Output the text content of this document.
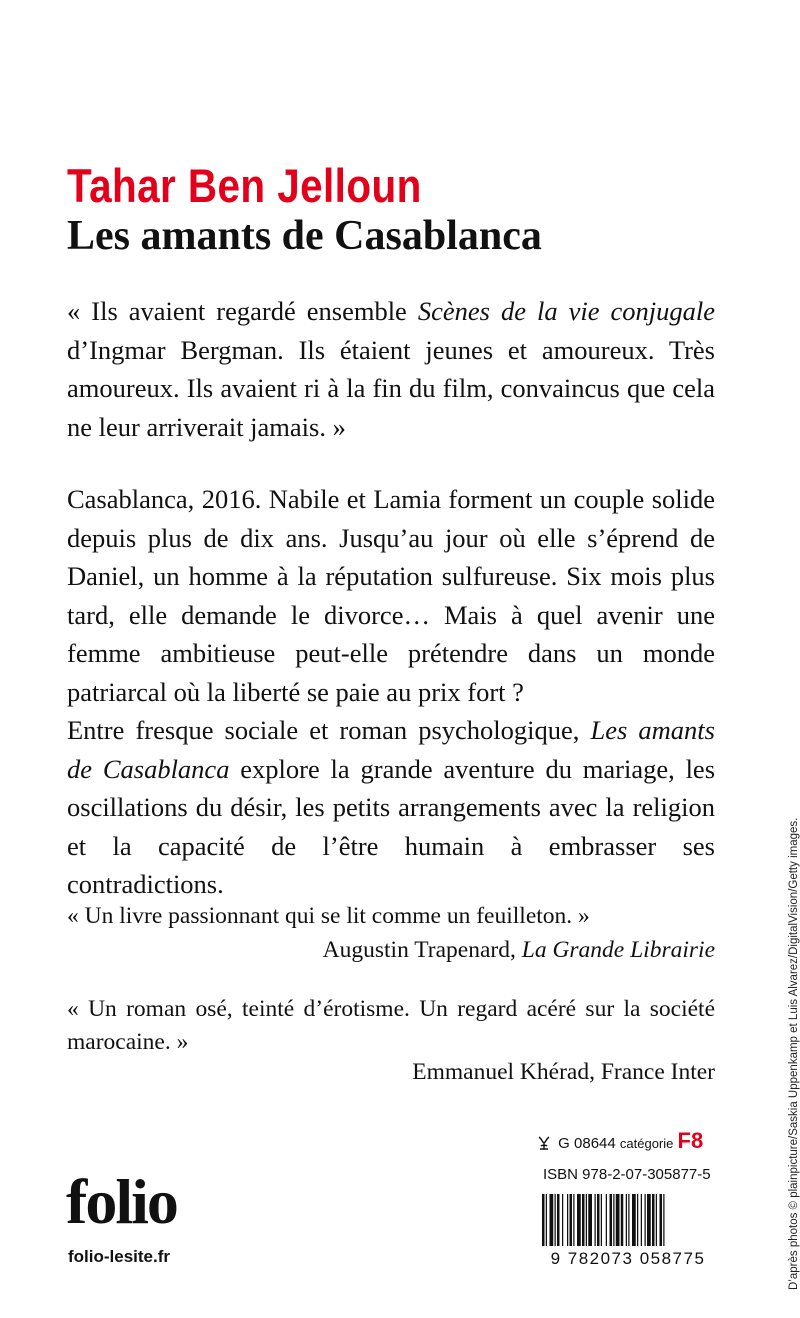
Tahar Ben Jelloun
Les amants de Casablanca

« Ils avaient regardé ensemble Scènes de la vie conjugale d’Ingmar Bergman. Ils étaient jeunes et amoureux. Très amoureux. Ils avaient ri à la fin du film, convaincus que cela ne leur arriverait jamais. »

Casablanca, 2016. Nabile et Lamia forment un couple solide depuis plus de dix ans. Jusqu’au jour où elle s’éprend de Daniel, un homme à la réputation sulfureuse. Six mois plus tard, elle demande le divorce… Mais à quel avenir une femme ambitieuse peut-elle prétendre dans un monde patriarcal où la liberté se paie au prix fort ?

Entre fresque sociale et roman psychologique, Les amants de Casablanca explore la grande aventure du mariage, les oscillations du désir, les petits arrangements avec la religion et la capacité de l’être humain à embrasser ses contradictions.

« Un livre passionnant qui se lit comme un feuilleton. »

Augustin Trapenard, La Grande Librairie

« Un roman osé, teinté d’érotisme. Un regard acéré sur la société marocaine. »

Emmanuel Khérad, France Inter

G 08644 catégorie F8
ISBN 978-2-07-305877-5
9 782073 058775
folio
folio-lesite.fr	D’après photos © plainpicture/Saskia Uppenkamp et Luis Alvarez/DigitalVision/Getty images.
